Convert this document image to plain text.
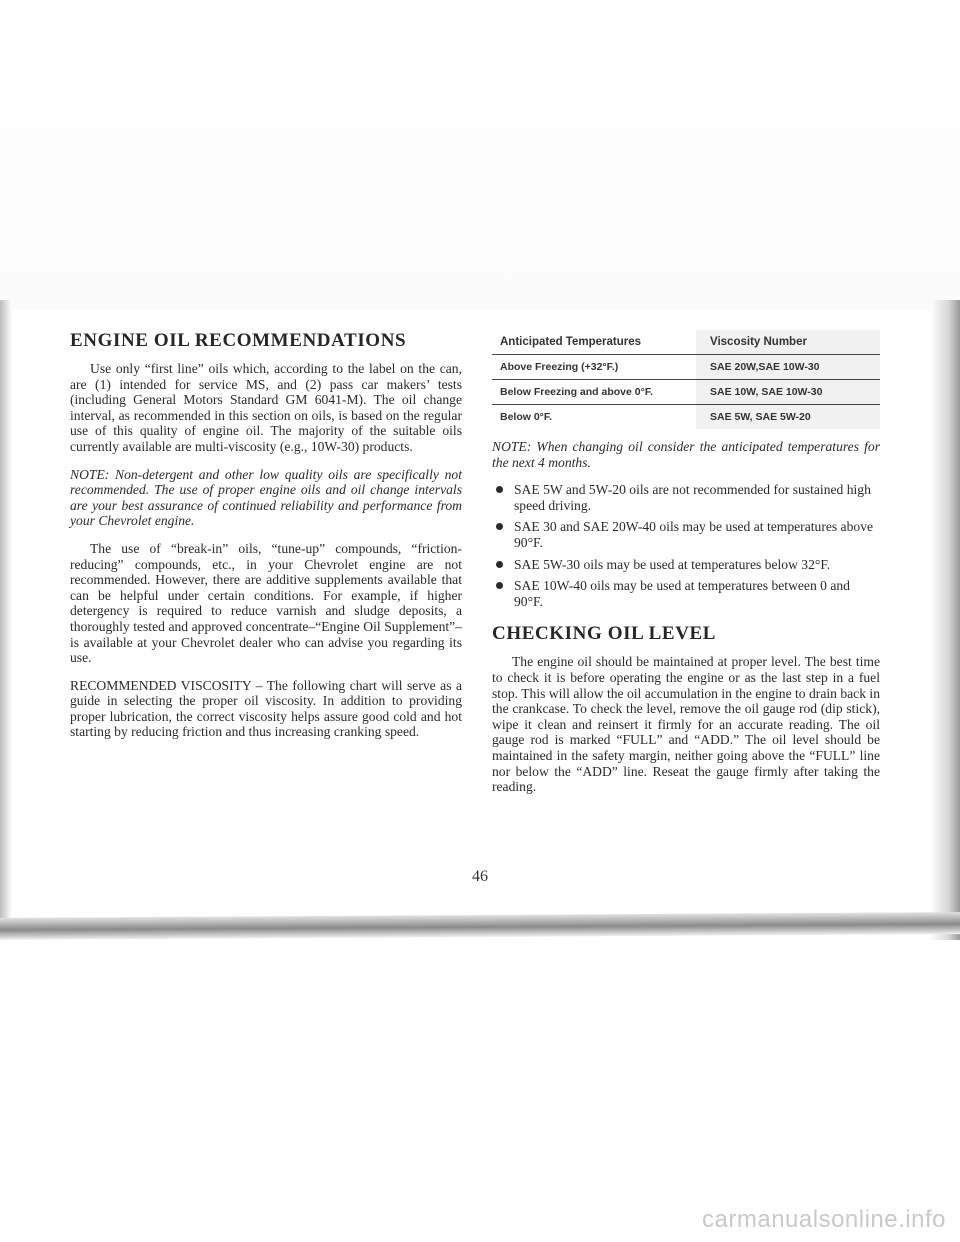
ENGINE OIL RECOMMENDATIONS

Use only “first line” oils which, according to the label on the can, are (1) intended for service MS, and (2) pass car makers’ tests (including General Motors Standard GM 6041-M). The oil change interval, as recommended in this section on oils, is based on the regular use of this quality of engine oil. The majority of the suitable oils currently available are multi-viscosity (e.g., 10W-30) products.

NOTE: Non-detergent and other low quality oils are specifically not recommended. The use of proper engine oils and oil change intervals are your best assurance of continued reliability and performance from your Chevrolet engine.

The use of “break-in” oils, “tune-up” compounds, “friction-reducing” compounds, etc., in your Chevrolet engine are not recommended. However, there are additive supplements available that can be helpful under certain conditions. For example, if higher detergency is required to reduce varnish and sludge deposits, a thoroughly tested and approved concentrate–“Engine Oil Supplement”–is available at your Chevrolet dealer who can advise you regarding its use.

RECOMMENDED VISCOSITY – The following chart will serve as a guide in selecting the proper oil viscosity. In addition to providing proper lubrication, the correct viscosity helps assure good cold and hot starting by reducing friction and thus increasing cranking speed.

Anticipated Temperatures	Viscosity Number
Above Freezing (+32°F.)	SAE 20W,SAE 10W-30
Below Freezing and above 0°F.	SAE 10W, SAE 10W-30
Below 0°F.	SAE 5W, SAE 5W-20

NOTE: When changing oil consider the anticipated temperatures for the next 4 months.

SAE 5W and 5W-20 oils are not recommended for sustained high speed driving.
SAE 30 and SAE 20W-40 oils may be used at temperatures above 90°F.
SAE 5W-30 oils may be used at temperatures below 32°F.
SAE 10W-40 oils may be used at temperatures between 0 and 90°F.
CHECKING OIL LEVEL

The engine oil should be maintained at proper level. The best time to check it is before operating the engine or as the last step in a fuel stop. This will allow the oil accumulation in the engine to drain back in the crankcase. To check the level, remove the oil gauge rod (dip stick), wipe it clean and reinsert it firmly for an accurate reading. The oil gauge rod is marked “FULL” and “ADD.” The oil level should be maintained in the safety margin, neither going above the “FULL” line nor below the “ADD” line. Reseat the gauge firmly after taking the reading.

46
carmanualsonline.info
